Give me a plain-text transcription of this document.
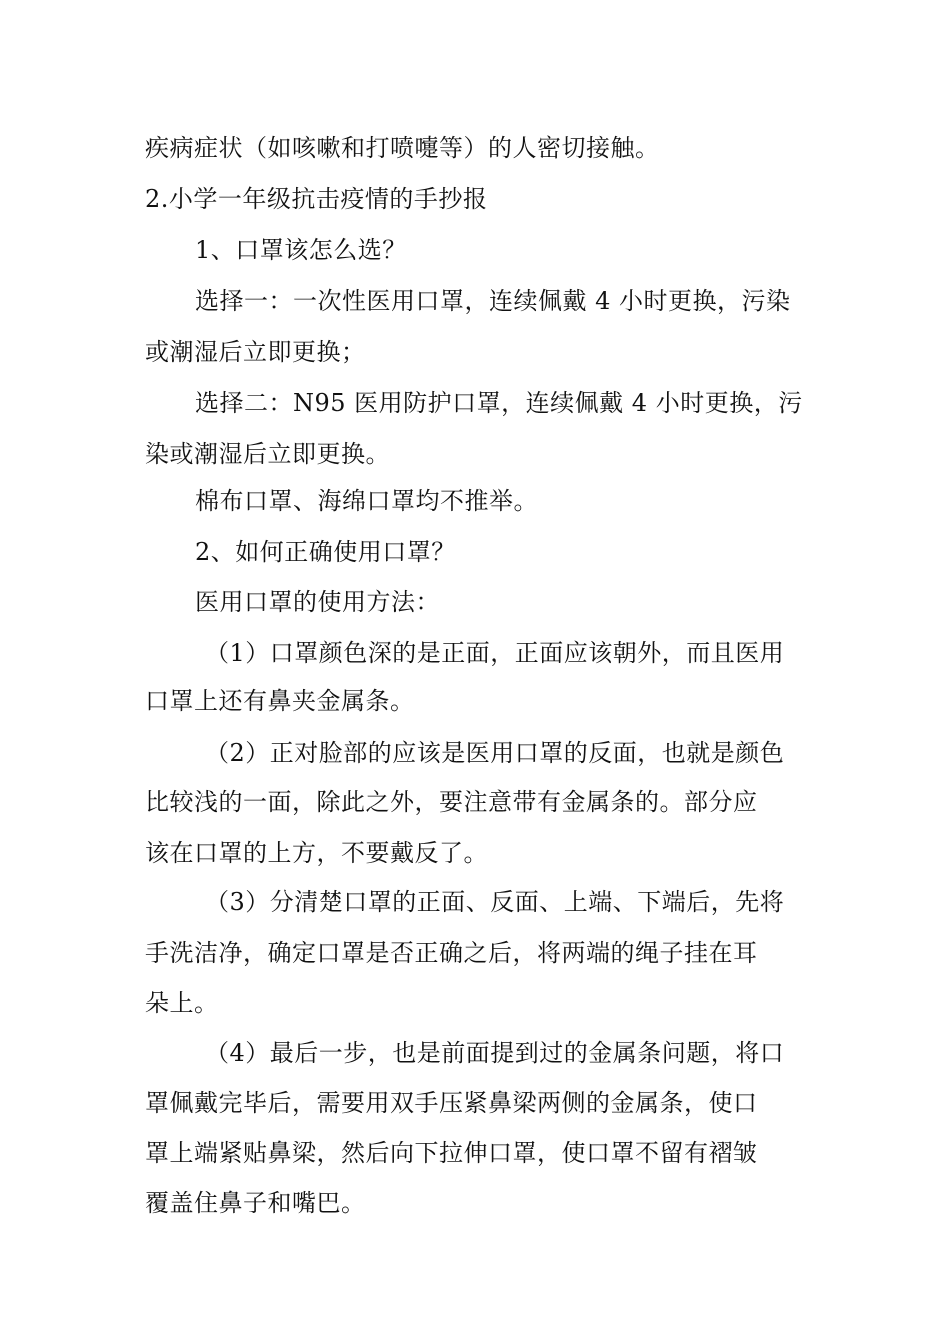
疾病症状（如咳嗽和打喷嚏等）的人密切接触。
2.小学一年级抗击疫情的手抄报
1、口罩该怎么选？
选择一：一次性医用口罩，连续佩戴 4 小时更换，污染
或潮湿后立即更换；
选择二：N95 医用防护口罩，连续佩戴 4 小时更换，污
染或潮湿后立即更换。
棉布口罩、海绵口罩均不推举。
2、如何正确使用口罩？
医用口罩的使用方法：
（1）口罩颜色深的是正面，正面应该朝外，而且医用
口罩上还有鼻夹金属条。
（2）正对脸部的应该是医用口罩的反面，也就是颜色
比较浅的一面，除此之外，要注意带有金属条的。部分应
该在口罩的上方，不要戴反了。
（3）分清楚口罩的正面、反面、上端、下端后，先将
手洗洁净，确定口罩是否正确之后，将两端的绳子挂在耳
朵上。
（4）最后一步，也是前面提到过的金属条问题，将口
罩佩戴完毕后，需要用双手压紧鼻梁两侧的金属条，使口
罩上端紧贴鼻梁，然后向下拉伸口罩，使口罩不留有褶皱
覆盖住鼻子和嘴巴。
